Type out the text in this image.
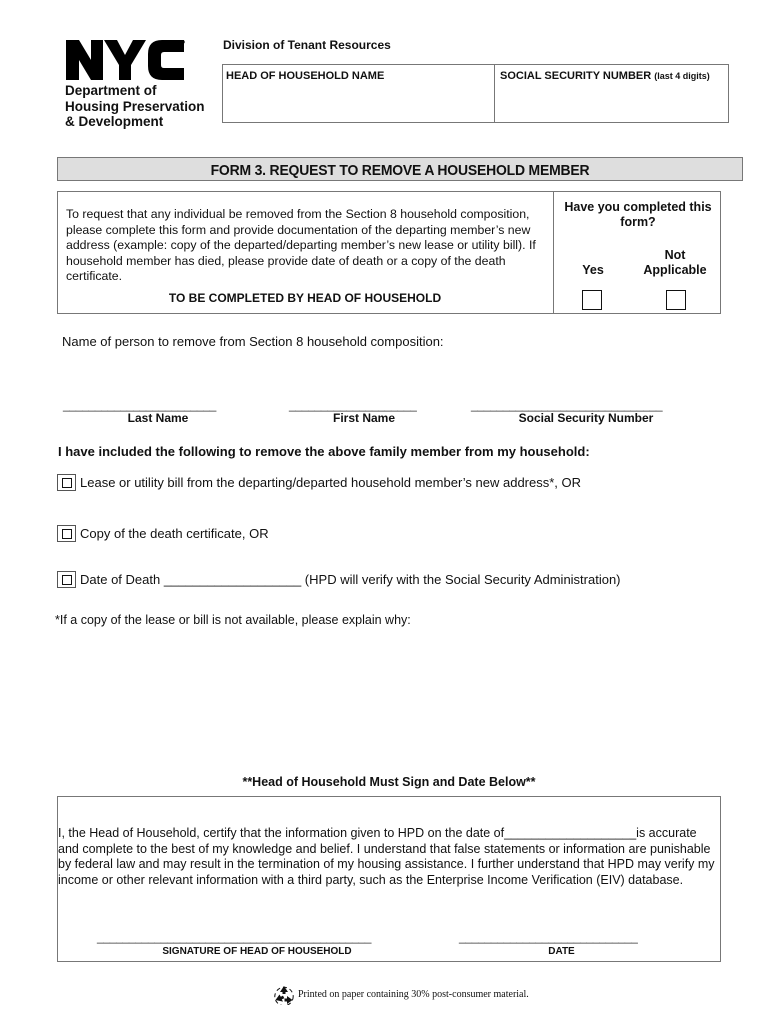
Department of
Housing Preservation
& Development
Division of Tenant Resources
HEAD OF HOUSEHOLD NAME	SOCIAL SECURITY NUMBER (last 4 digits)
FORM 3. REQUEST TO REMOVE A HOUSEHOLD MEMBER
To request that any individual be removed from the Section 8 household composition, please complete this form and provide documentation of the departing member’s new address (example: copy of the departed/departing member’s new lease or utility bill). If household member has died, please provide date of death or a copy of the death certificate.
TO BE COMPLETED BY HEAD OF HOUSEHOLD
Have you completed this form?
Yes
Not Applicable
Name of person to remove from Section 8 household composition:
________________________	____________________	______________________________
Last Name	First Name	Social Security Number
I have included the following to remove the above family member from my household:
Lease or utility bill from the departing/departed household member’s new address*, OR
Copy of the death certificate, OR
Date of Death ___________________ (HPD will verify with the Social Security Administration)
*If a copy of the lease or bill is not available, please explain why:
**Head of Household Must Sign and Date Below**
I, the Head of Household, certify that the information given to HPD on the date of___________________is accurate and complete to the best of my knowledge and belief. I understand that false statements or information are punishable by federal law and may result in the termination of my housing assistance. I further understand that HPD may verify my income or other relevant information with a third party, such as the Enterprise Income Verification (EIV) database.
___________________________________________	____________________________
SIGNATURE OF HEAD OF HOUSEHOLD	DATE
Printed on paper containing 30% post-consumer material.
